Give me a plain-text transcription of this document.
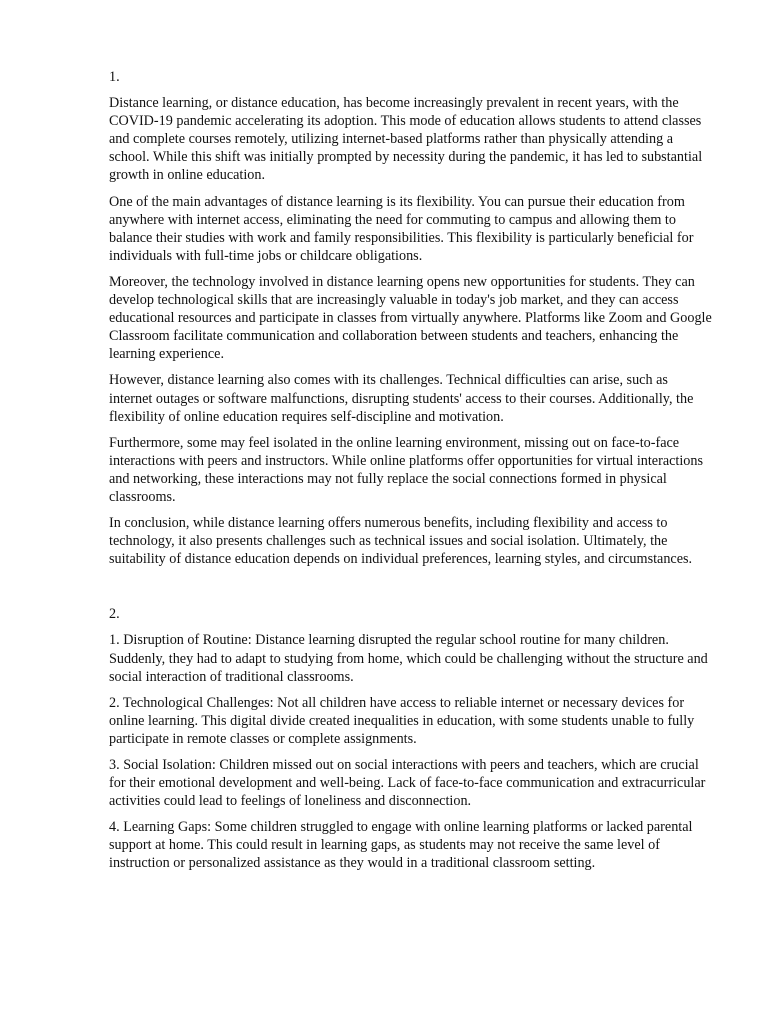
1.

Distance learning, or distance education, has become increasingly prevalent in recent years, with the COVID-19 pandemic accelerating its adoption. This mode of education allows students to attend classes and complete courses remotely, utilizing internet-based platforms rather than physically attending a school. While this shift was initially prompted by necessity during the pandemic, it has led to substantial growth in online education.

One of the main advantages of distance learning is its flexibility. You can pursue their education from anywhere with internet access, eliminating the need for commuting to campus and allowing them to balance their studies with work and family responsibilities. This flexibility is particularly beneficial for individuals with full-time jobs or childcare obligations.

Moreover, the technology involved in distance learning opens new opportunities for students. They can develop technological skills that are increasingly valuable in today's job market, and they can access educational resources and participate in classes from virtually anywhere. Platforms like Zoom and Google Classroom facilitate communication and collaboration between students and teachers, enhancing the learning experience.

However, distance learning also comes with its challenges. Technical difficulties can arise, such as internet outages or software malfunctions, disrupting students' access to their courses. Additionally, the flexibility of online education requires self-discipline and motivation.

Furthermore, some may feel isolated in the online learning environment, missing out on face-to-face interactions with peers and instructors. While online platforms offer opportunities for virtual interactions and networking, these interactions may not fully replace the social connections formed in physical classrooms.

In conclusion, while distance learning offers numerous benefits, including flexibility and access to technology, it also presents challenges such as technical issues and social isolation. Ultimately, the suitability of distance education depends on individual preferences, learning styles, and circumstances.

2.

1. Disruption of Routine: Distance learning disrupted the regular school routine for many children. Suddenly, they had to adapt to studying from home, which could be challenging without the structure and social interaction of traditional classrooms.

2. Technological Challenges: Not all children have access to reliable internet or necessary devices for online learning. This digital divide created inequalities in education, with some students unable to fully participate in remote classes or complete assignments.

3. Social Isolation: Children missed out on social interactions with peers and teachers, which are crucial for their emotional development and well-being. Lack of face-to-face communication and extracurricular activities could lead to feelings of loneliness and disconnection.

4. Learning Gaps: Some children struggled to engage with online learning platforms or lacked parental support at home. This could result in learning gaps, as students may not receive the same level of instruction or personalized assistance as they would in a traditional classroom setting.
